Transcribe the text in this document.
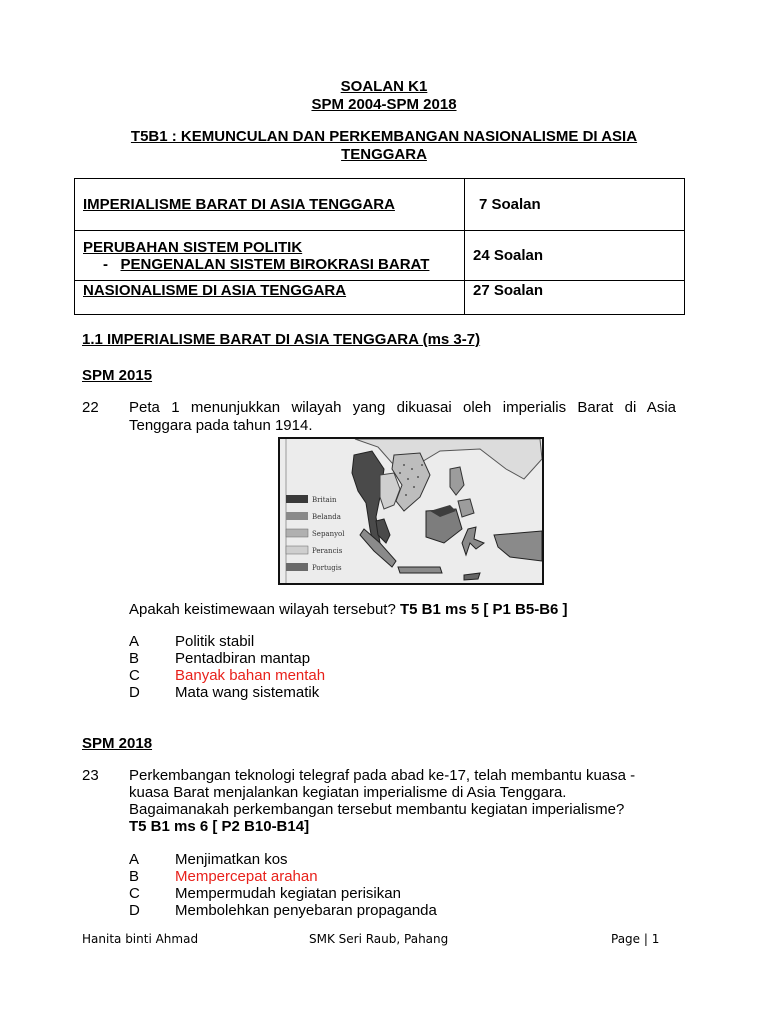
SOALAN K1
SPM 2004-SPM 2018
T5B1 : KEMUNCULAN DAN PERKEMBANGAN NASIONALISME DI ASIA
TENGGARA
IMPERIALISME BARAT DI ASIA TENGGARA	7 Soalan

PERUBAHAN SISTEM POLITIK
- PENGENALAN SISTEM BIROKRASI BARAT	24 Soalan
NASIONALISME DI ASIA TENGGARA	27 Soalan
1.1 IMPERIALISME BARAT DI ASIA TENGGARA (ms 3-7)
SPM 2015
22 Peta 1 menunjukkan wilayah yang dikuasai oleh imperialis Barat di Asia
Tenggara pada tahun 1914.
Britain
Belanda
Sepanyol
Perancis
Portugis
Apakah keistimewaan wilayah tersebut? T5 B1 ms 5 [ P1 B5-B6 ]
A Politik stabil
B Pentadbiran mantap
C Banyak bahan mentah
D Mata wang sistematik
SPM 2018
23 Perkembangan teknologi telegraf pada abad ke-17, telah membantu kuasa -
kuasa Barat menjalankan kegiatan imperialisme di Asia Tenggara.
Bagaimanakah perkembangan tersebut membantu kegiatan imperialisme?
T5 B1 ms 6 [ P2 B10-B14]
A Menjimatkan kos
B Mempercepat arahan
C Mempermudah kegiatan perisikan
D Membolehkan penyebaran propaganda
Hanita binti Ahmad	SMK Seri Raub, Pahang	Page | 1
